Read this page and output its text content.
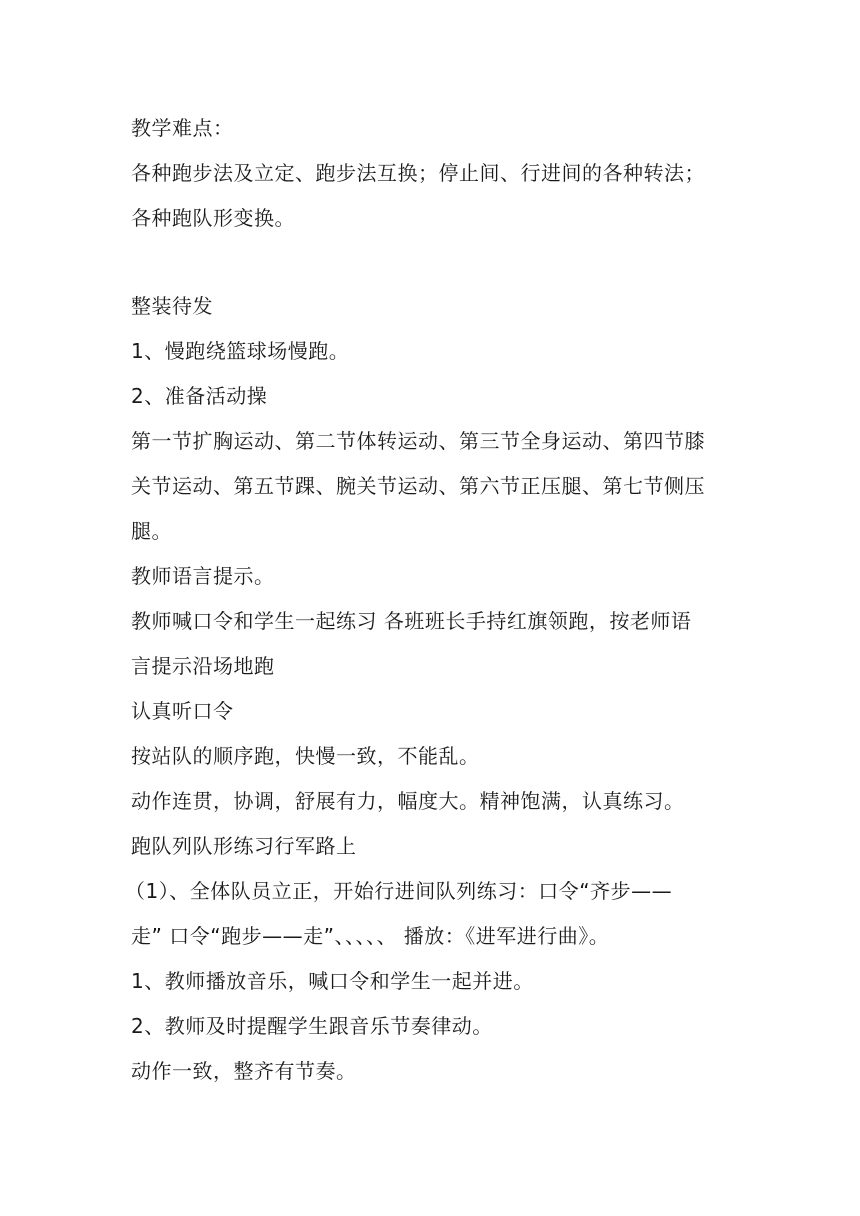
教学难点：
各种跑步法及立定、跑步法互换；停止间、行进间的各种转法；
各种跑队形变换。
整装待发
1、慢跑绕篮球场慢跑。
2、准备活动操
第一节扩胸运动、第二节体转运动、第三节全身运动、第四节膝
关节运动、第五节踝、腕关节运动、第六节正压腿、第七节侧压
腿。
教师语言提示。
教师喊口令和学生一起练习 各班班长手持红旗领跑，按老师语
言提示沿场地跑
认真听口令
按站队的顺序跑，快慢一致，不能乱。
动作连贯，协调，舒展有力，幅度大。精神饱满，认真练习。
跑队列队形练习行军路上
（1）、全体队员立正，开始行进间队列练习：口令“齐步——
走” 口令“跑步——走”、、、、、 播放：《进军进行曲》。
1、教师播放音乐，喊口令和学生一起并进。
2、教师及时提醒学生跟音乐节奏律动。
动作一致，整齐有节奏。
